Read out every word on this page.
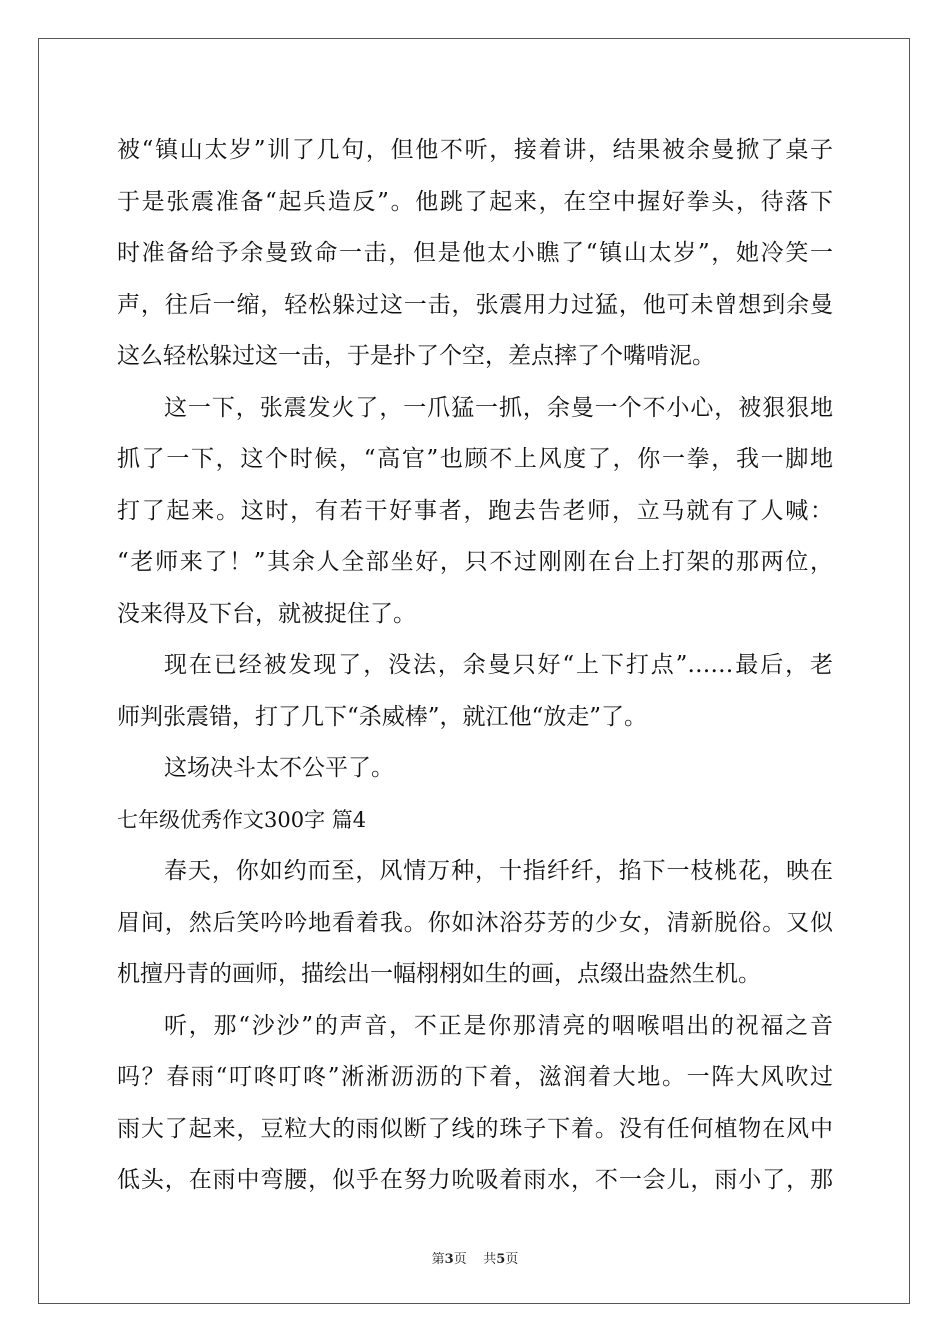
被“镇山太岁”训了几句，但他不听，接着讲，结果被余曼掀了桌子
于是张震准备“起兵造反”。他跳了起来，在空中握好拳头，待落下
时准备给予余曼致命一击，但是他太小瞧了“镇山太岁”，她冷笑一
声，往后一缩，轻松躲过这一击，张震用力过猛，他可未曾想到余曼
这么轻松躲过这一击，于是扑了个空，差点摔了个嘴啃泥。
这一下，张震发火了，一爪猛一抓，余曼一个不小心，被狠狠地
抓了一下，这个时候，“高官”也顾不上风度了，你一拳，我一脚地
打了起来。这时，有若干好事者，跑去告老师，立马就有了人喊：
“老师来了！”其余人全部坐好，只不过刚刚在台上打架的那两位，
没来得及下台，就被捉住了。
现在已经被发现了，没法，余曼只好“上下打点”……最后，老
师判张震错，打了几下“杀威棒”，就江他“放走”了。
这场决斗太不公平了。
七年级优秀作文300字 篇4
春天，你如约而至，风情万种，十指纤纤，掐下一枝桃花，映在
眉间，然后笑吟吟地看着我。你如沐浴芬芳的少女，清新脱俗。又似
机擅丹青的画师，描绘出一幅栩栩如生的画，点缀出盎然生机。
听，那“沙沙”的声音，不正是你那清亮的咽喉唱出的祝福之音
吗？春雨“叮咚叮咚”淅淅沥沥的下着，滋润着大地。一阵大风吹过
雨大了起来，豆粒大的雨似断了线的珠子下着。没有任何植物在风中
低头，在雨中弯腰，似乎在努力吮吸着雨水，不一会儿，雨小了，那
第3页 共5页
